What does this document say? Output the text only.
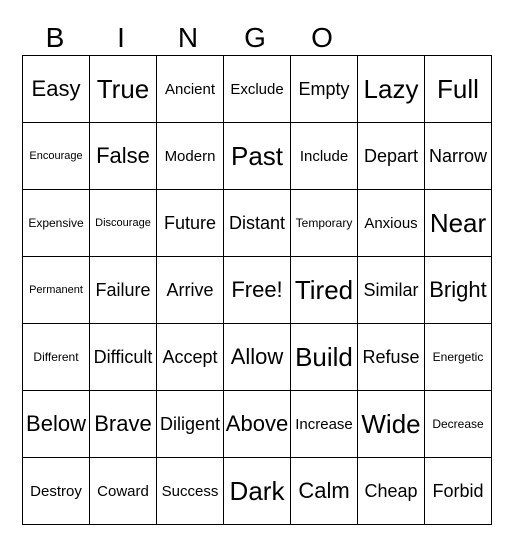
B	I	N	G	O
Easy	True	Ancient	Exclude	Empty	Lazy	Full
Encourage	False	Modern	Past	Include	Depart	Narrow
Expensive	Discourage	Future	Distant	Temporary	Anxious	Near
Permanent	Failure	Arrive	Free!	Tired	Similar	Bright
Different	Difficult	Accept	Allow	Build	Refuse	Energetic
Below	Brave	Diligent	Above	Increase	Wide	Decrease
Destroy	Coward	Success	Dark	Calm	Cheap	Forbid
